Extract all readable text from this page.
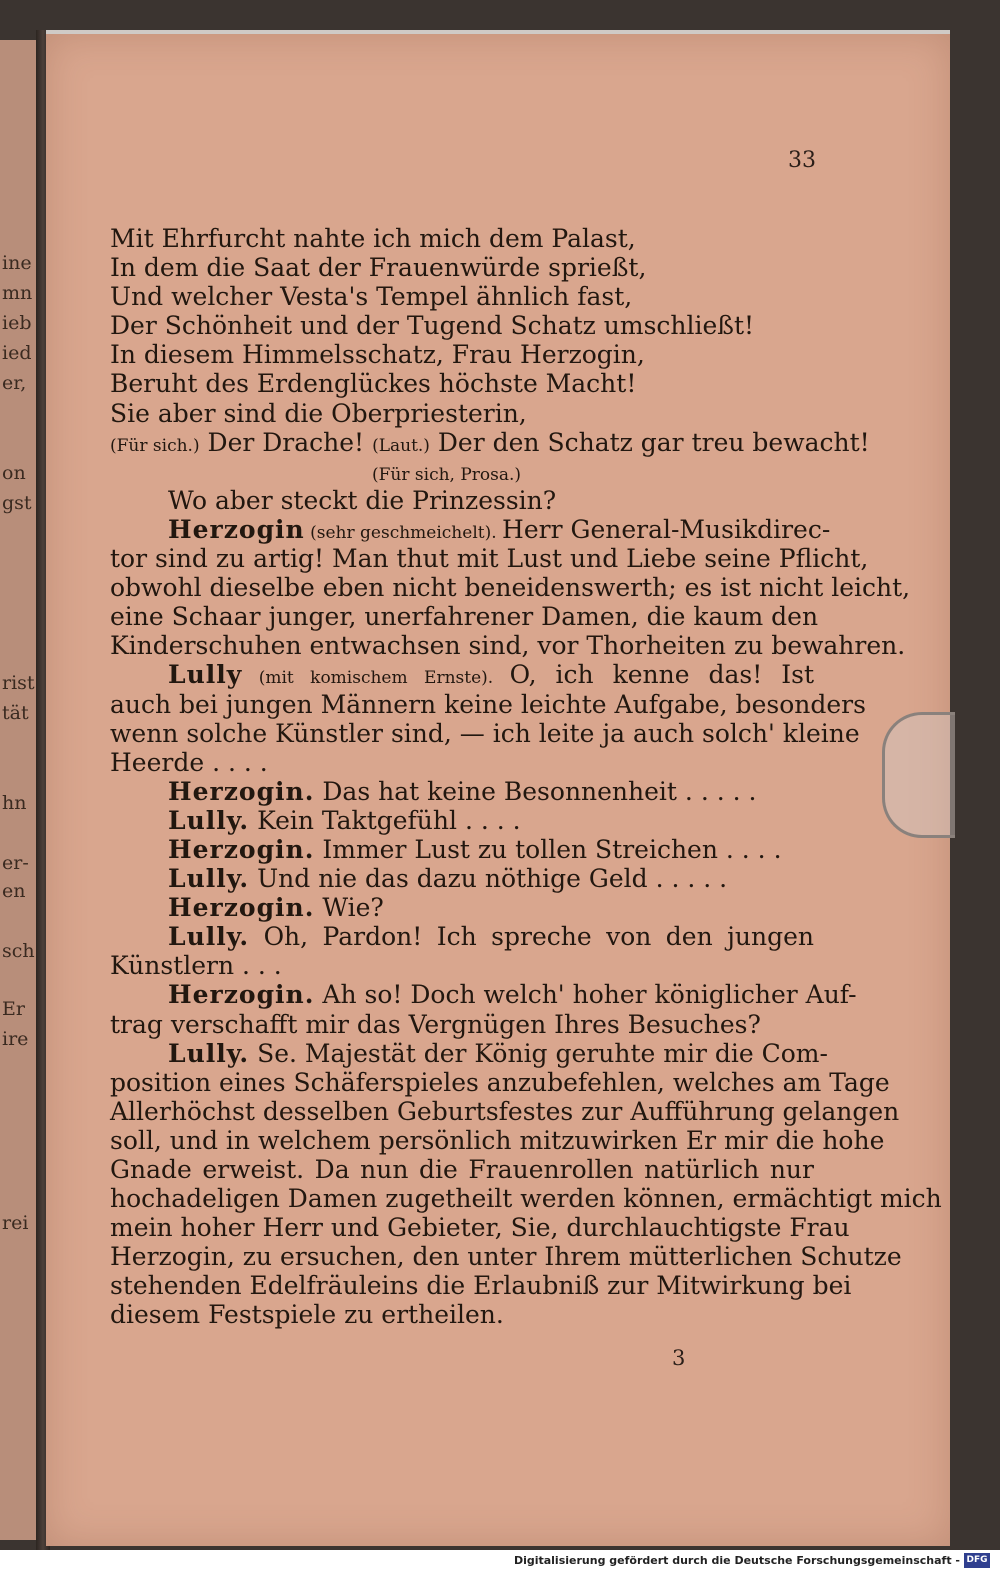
ine
mn
ieb
ied
er,
on
gst
rist
tät
hn
er-
en
sch
Er
ire
rei
33
Mit Ehrfurcht nahte ich mich dem Palast,
In dem die Saat der Frauenwürde sprießt,
Und welcher Vesta's Tempel ähnlich fast,
Der Schönheit und der Tugend Schatz umschließt!
In diesem Himmelsschatz, Frau Herzogin,
Beruht des Erdenglückes höchste Macht!
Sie aber sind die Oberpriesterin,
(Für sich.) Der Drache! (Laut.) Der den Schatz gar treu bewacht!
(Für sich, Prosa.)
Wo aber steckt die Prinzessin?
Herzogin (sehr geschmeichelt). Herr General-Musikdirec-
tor sind zu artig! Man thut mit Lust und Liebe seine Pflicht,
obwohl dieselbe eben nicht beneidenswerth; es ist nicht leicht,
eine Schaar junger, unerfahrener Damen, die kaum den
Kinderschuhen entwachsen sind, vor Thorheiten zu bewahren.
Lully (mit komischem Ernste). O, ich kenne das! Ist
auch bei jungen Männern keine leichte Aufgabe, besonders
wenn solche Künstler sind, — ich leite ja auch solch' kleine
Heerde . . . .
Herzogin. Das hat keine Besonnenheit . . . . .
Lully. Kein Taktgefühl . . . .
Herzogin. Immer Lust zu tollen Streichen . . . .
Lully. Und nie das dazu nöthige Geld . . . . .
Herzogin. Wie?
Lully. Oh, Pardon! Ich spreche von den jungen
Künstlern . . .
Herzogin. Ah so! Doch welch' hoher königlicher Auf-
trag verschafft mir das Vergnügen Ihres Besuches?
Lully. Se. Majestät der König geruhte mir die Com-
position eines Schäferspieles anzubefehlen, welches am Tage
Allerhöchst desselben Geburtsfestes zur Aufführung gelangen
soll, und in welchem persönlich mitzuwirken Er mir die hohe
Gnade erweist. Da nun die Frauenrollen natürlich nur
hochadeligen Damen zugetheilt werden können, ermächtigt mich
mein hoher Herr und Gebieter, Sie, durchlauchtigste Frau
Herzogin, zu ersuchen, den unter Ihrem mütterlichen Schutze
stehenden Edelfräuleins die Erlaubniß zur Mitwirkung bei
diesem Festspiele zu ertheilen.
3
Digitalisierung gefördert durch die Deutsche Forschungsgemeinschaft - DFG
